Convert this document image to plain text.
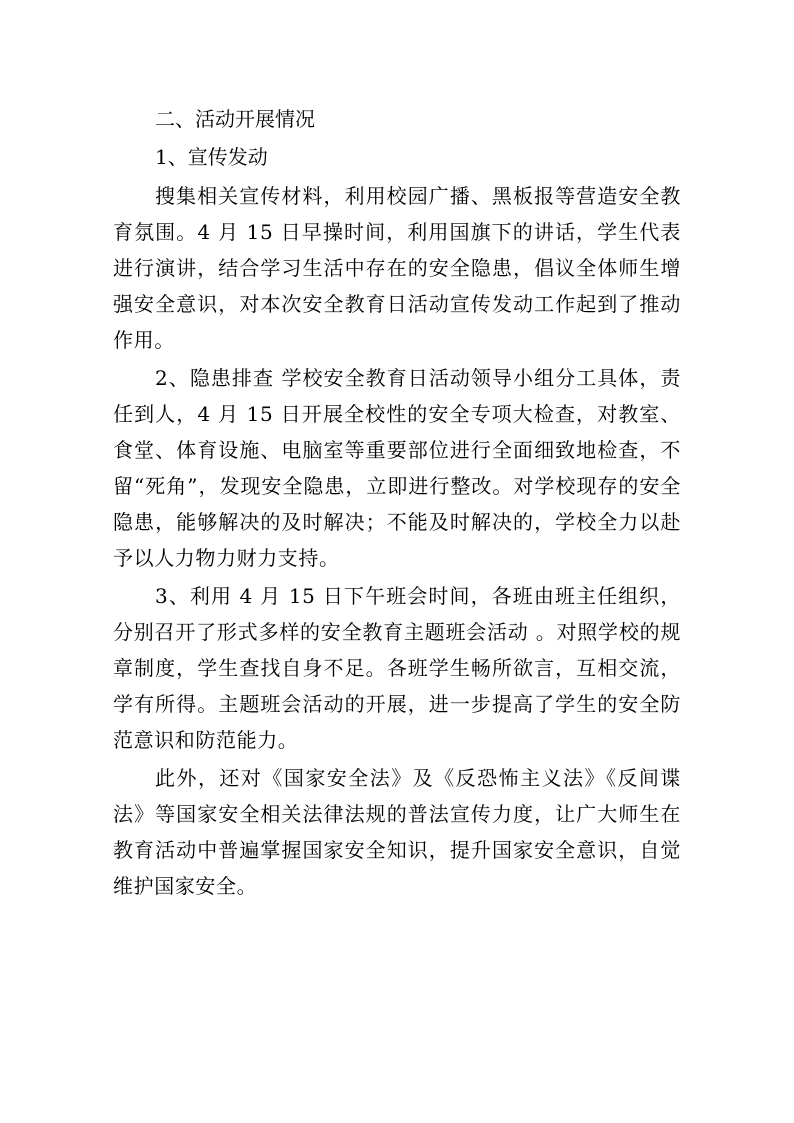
二、活动开展情况

1、宣传发动

搜集相关宣传材料，利用校园广播、黑板报等营造安全教育氛围。4 月 15 日早操时间，利用国旗下的讲话，学生代表进行演讲，结合学习生活中存在的安全隐患，倡议全体师生增强安全意识，对本次安全教育日活动宣传发动工作起到了推动作用。

2、隐患排查 学校安全教育日活动领导小组分工具体，责任到人，4 月 15 日开展全校性的安全专项大检查，对教室、食堂、体育设施、电脑室等重要部位进行全面细致地检查，不留“死角”，发现安全隐患，立即进行整改。对学校现存的安全隐患，能够解决的及时解决；不能及时解决的，学校全力以赴予以人力物力财力支持。

3、利用 4 月 15 日下午班会时间，各班由班主任组织，分别召开了形式多样的安全教育主题班会活动 。对照学校的规章制度，学生查找自身不足。各班学生畅所欲言，互相交流，学有所得。主题班会活动的开展，进一步提高了学生的安全防范意识和防范能力。

此外，还对《国家安全法》及《反恐怖主义法》《反间谍法》等国家安全相关法律法规的普法宣传力度，让广大师生在教育活动中普遍掌握国家安全知识，提升国家安全意识，自觉维护国家安全。
